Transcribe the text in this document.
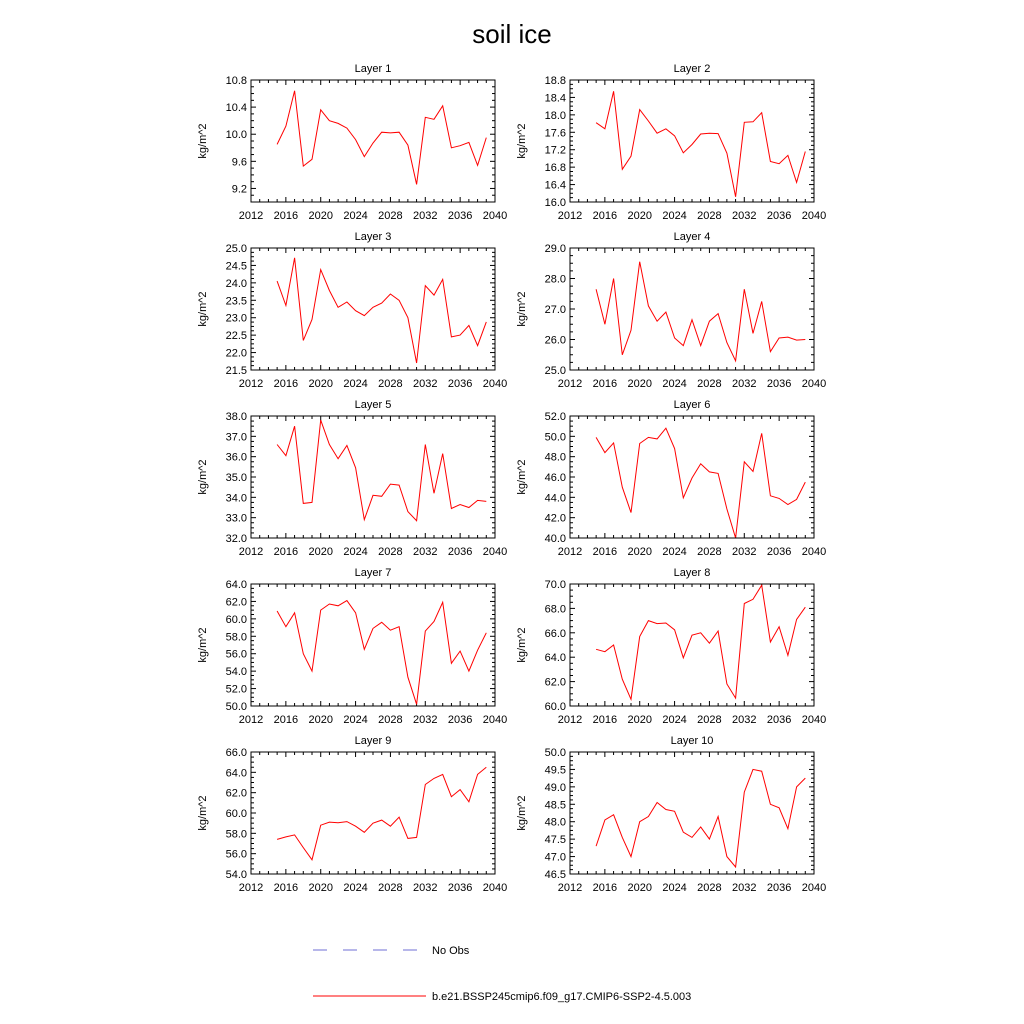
soil ice
Layer 1
kg/m^2
2012 2016 2020 2024 2028 2032 2036 2040
9.2
9.6
10.0
10.4
10.8
Layer 2
kg/m^2
2012 2016 2020 2024 2028 2032 2036 2040
16.0
16.4
16.8
17.2
17.6
18.0
18.4
18.8
Layer 3
kg/m^2
2012 2016 2020 2024 2028 2032 2036 2040
21.5
22.0
22.5
23.0
23.5
24.0
24.5
25.0
Layer 4
kg/m^2
2012 2016 2020 2024 2028 2032 2036 2040
25.0
26.0
27.0
28.0
29.0
Layer 5
kg/m^2
2012 2016 2020 2024 2028 2032 2036 2040
32.0
33.0
34.0
35.0
36.0
37.0
38.0
Layer 6
kg/m^2
2012 2016 2020 2024 2028 2032 2036 2040
40.0
42.0
44.0
46.0
48.0
50.0
52.0
Layer 7
kg/m^2
2012 2016 2020 2024 2028 2032 2036 2040
50.0
52.0
54.0
56.0
58.0
60.0
62.0
64.0
Layer 8
kg/m^2
2012 2016 2020 2024 2028 2032 2036 2040
60.0
62.0
64.0
66.0
68.0
70.0
Layer 9
kg/m^2
2012 2016 2020 2024 2028 2032 2036 2040
54.0
56.0
58.0
60.0
62.0
64.0
66.0
Layer 10
kg/m^2
2012 2016 2020 2024 2028 2032 2036 2040
46.5
47.0
47.5
48.0
48.5
49.0
49.5
50.0
No Obs
b.e21.BSSP245cmip6.f09_g17.CMIP6-SSP2-4.5.003
